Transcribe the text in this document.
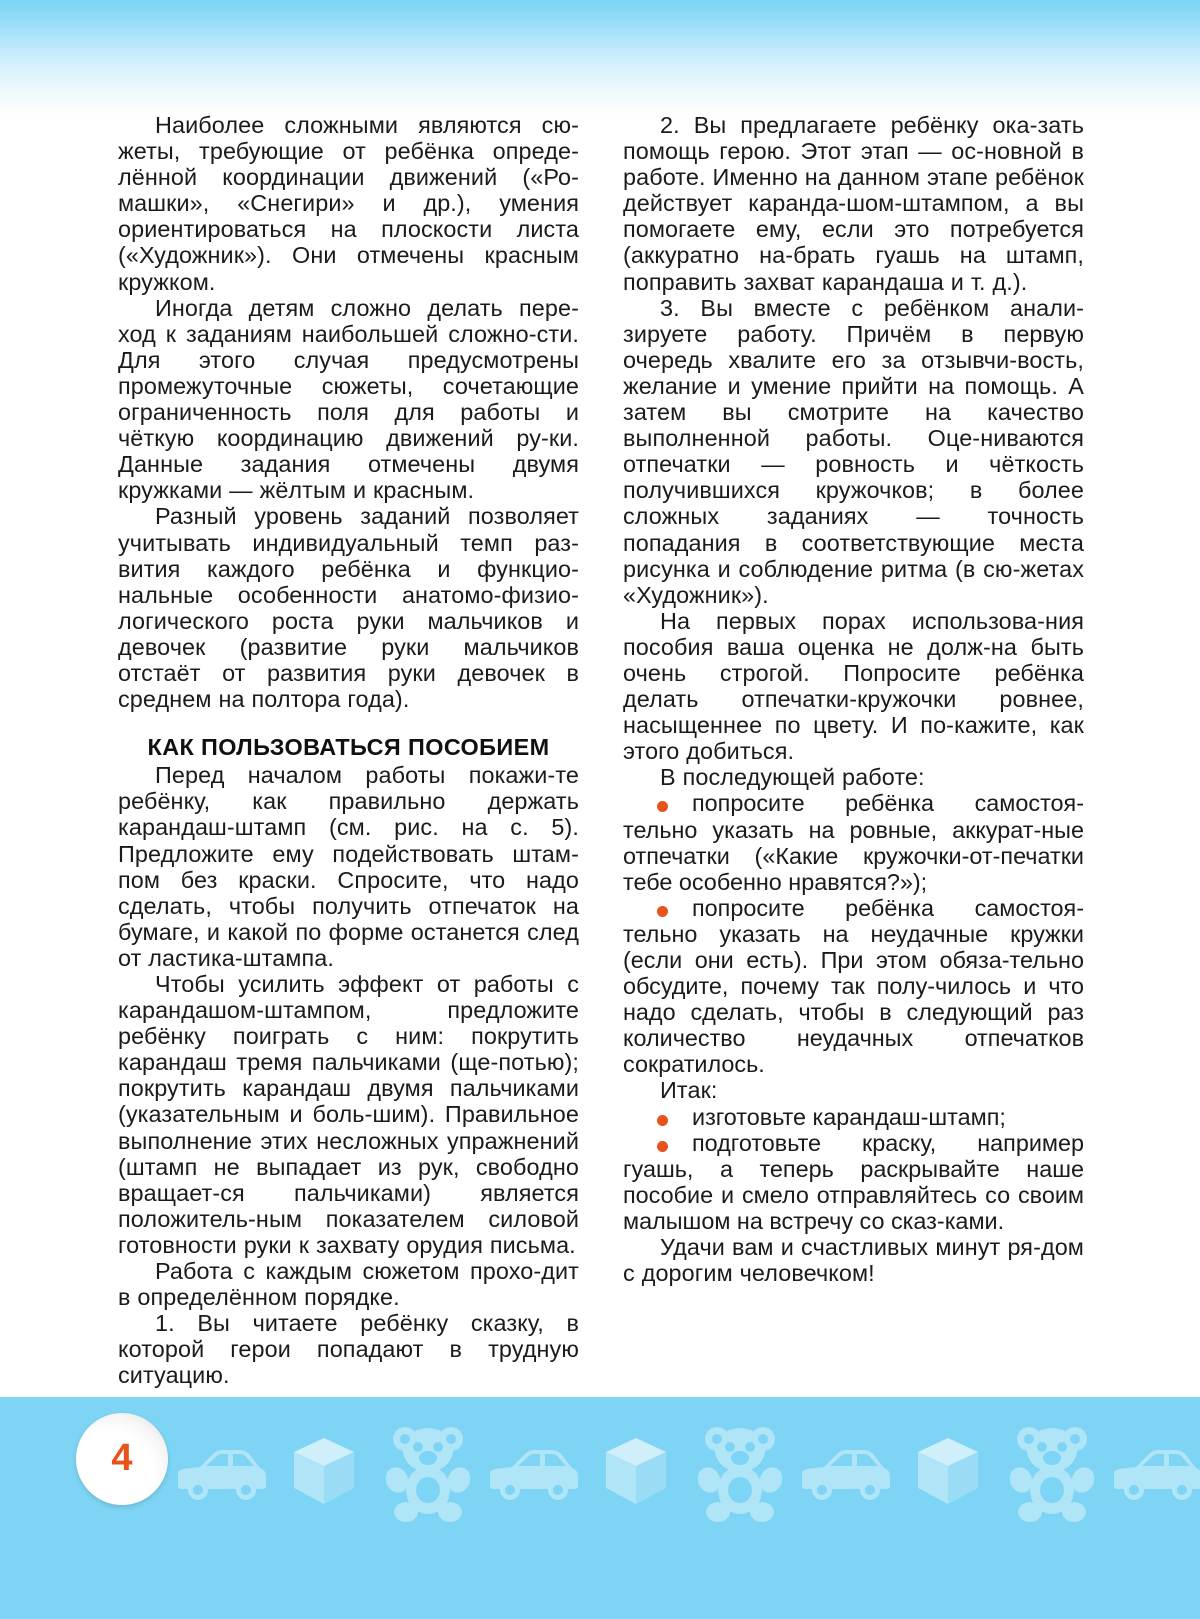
Наиболее сложными являются сю-жеты, требующие от ребёнка опреде-лённой координации движений («Ро-машки», «Снегири» и др.), умения ориентироваться на плоскости листа («Художник»). Они отмечены красным кружком.

Иногда детям сложно делать пере-ход к заданиям наибольшей сложно-сти. Для этого случая предусмотрены промежуточные сюжеты, сочетающие ограниченность поля для работы и чёткую координацию движений ру-ки. Данные задания отмечены двумя кружками — жёлтым и красным.

Разный уровень заданий позволяет учитывать индивидуальный темп раз-вития каждого ребёнка и функцио-нальные особенности анатомо-физио-логического роста руки мальчиков и девочек (развитие руки мальчиков отстаёт от развития руки девочек в среднем на полтора года).

КАК ПОЛЬЗОВАТЬСЯ ПОСОБИЕМ

Перед началом работы покажи-те ребёнку, как правильно держать карандаш-штамп (см. рис. на с. 5). Предложите ему подействовать штам-пом без краски. Спросите, что надо сделать, чтобы получить отпечаток на бумаге, и какой по форме останется след от ластика-штампа.

Чтобы усилить эффект от работы с карандашом-штампом, предложите ребёнку поиграть с ним: покрутить карандаш тремя пальчиками (ще-потью); покрутить карандаш двумя пальчиками (указательным и боль-шим). Правильное выполнение этих несложных упражнений (штамп не выпадает из рук, свободно вращает-ся пальчиками) является положитель-ным показателем силовой готовности руки к захвату орудия письма.

Работа с каждым сюжетом прохо-дит в определённом порядке.

1. Вы читаете ребёнку сказку, в которой герои попадают в трудную ситуацию.

2. Вы предлагаете ребёнку ока-зать помощь герою. Этот этап — ос-новной в работе. Именно на данном этапе ребёнок действует каранда-шом-штампом, а вы помогаете ему, если это потребуется (аккуратно на-брать гуашь на штамп, поправить захват карандаша и т. д.).

3. Вы вместе с ребёнком анали-зируете работу. Причём в первую очередь хвалите его за отзывчи-вость, желание и умение прийти на помощь. А затем вы смотрите на качество выполненной работы. Оце-ниваются отпечатки — ровность и чёткость получившихся кружочков; в более сложных заданиях — точность попадания в соответствующие места рисунка и соблюдение ритма (в сю-жетах «Художник»).

На первых порах использова-ния пособия ваша оценка не долж-на быть очень строгой. Попросите ребёнка делать отпечатки-кружочки ровнее, насыщеннее по цвету. И по-кажите, как этого добиться.

В последующей работе:

попросите ребёнка самостоя-тельно указать на ровные, аккурат-ные отпечатки («Какие кружочки-от-печатки тебе особенно нравятся?»);
попросите ребёнка самостоя-тельно указать на неудачные кружки (если они есть). При этом обяза-тельно обсудите, почему так полу-чилось и что надо сделать, чтобы в следующий раз количество неудачных отпечатков сократилось.

Итак:

изготовьте карандаш-штамп;
подготовьте краску, например гуашь, а теперь раскрывайте наше пособие и смело отправляйтесь со своим малышом на встречу со сказ-ками.

Удачи вам и счастливых минут ря-дом с дорогим человечком!

4
